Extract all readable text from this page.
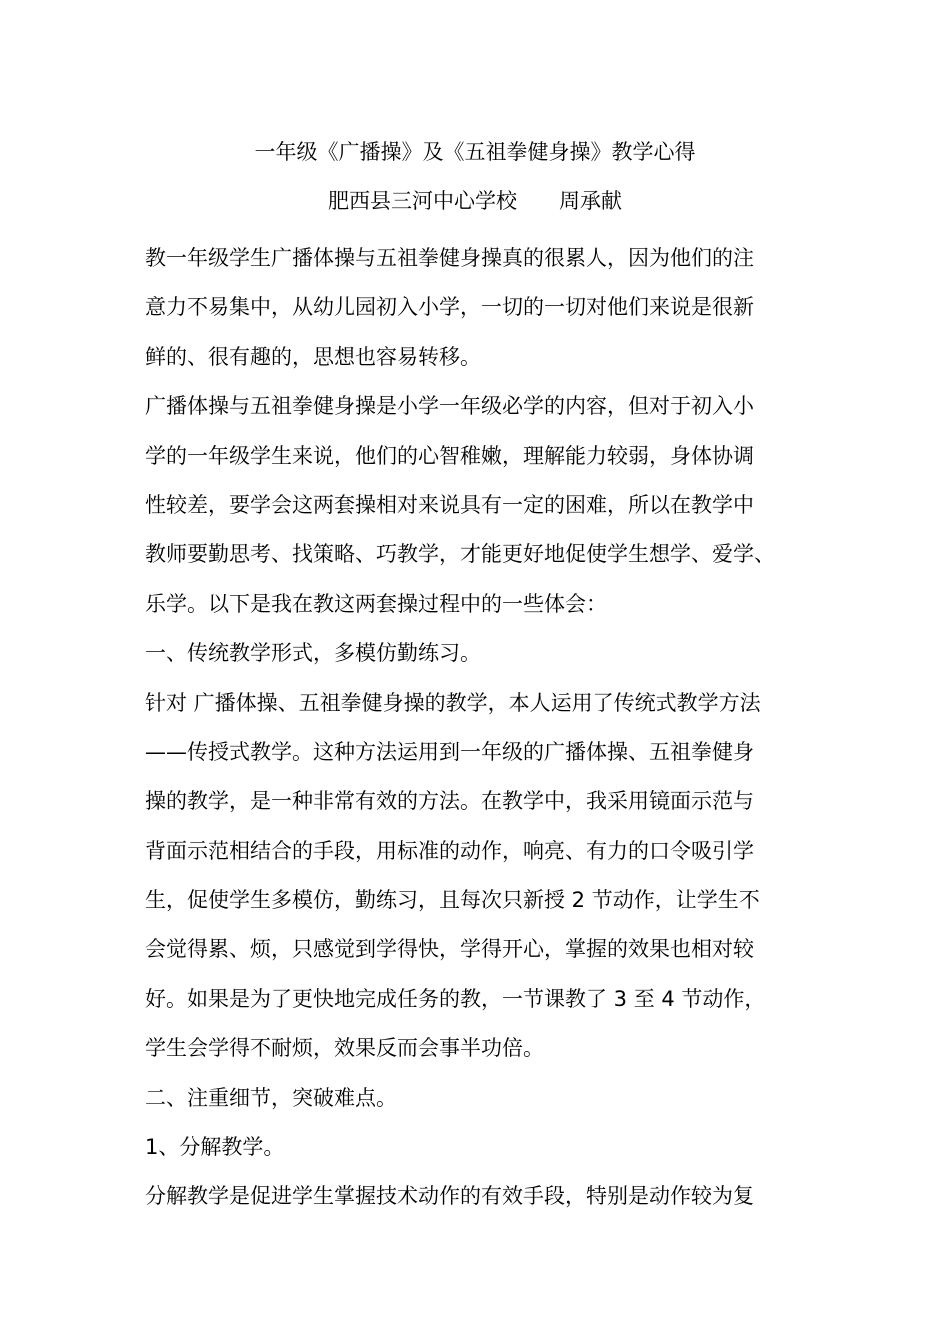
一年级《广播操》及《五祖拳健身操》教学心得
肥西县三河中心学校 周承献
教一年级学生广播体操与五祖拳健身操真的很累人，因为他们的注
意力不易集中，从幼儿园初入小学，一切的一切对他们来说是很新
鲜的、很有趣的，思想也容易转移。
广播体操与五祖拳健身操是小学一年级必学的内容，但对于初入小
学的一年级学生来说，他们的心智稚嫩，理解能力较弱，身体协调
性较差，要学会这两套操相对来说具有一定的困难，所以在教学中
教师要勤思考、找策略、巧教学，才能更好地促使学生想学、爱学、
乐学。以下是我在教这两套操过程中的一些体会：
一、传统教学形式，多模仿勤练习。
针对 广播体操、五祖拳健身操的教学，本人运用了传统式教学方法
——传授式教学。这种方法运用到一年级的广播体操、五祖拳健身
操的教学，是一种非常有效的方法。在教学中，我采用镜面示范与
背面示范相结合的手段，用标准的动作，响亮、有力的口令吸引学
生，促使学生多模仿，勤练习，且每次只新授 2 节动作，让学生不
会觉得累、烦，只感觉到学得快，学得开心，掌握的效果也相对较
好。如果是为了更快地完成任务的教，一节课教了 3 至 4 节动作，
学生会学得不耐烦，效果反而会事半功倍。
二、注重细节，突破难点。
1、分解教学。
分解教学是促进学生掌握技术动作的有效手段，特别是动作较为复
